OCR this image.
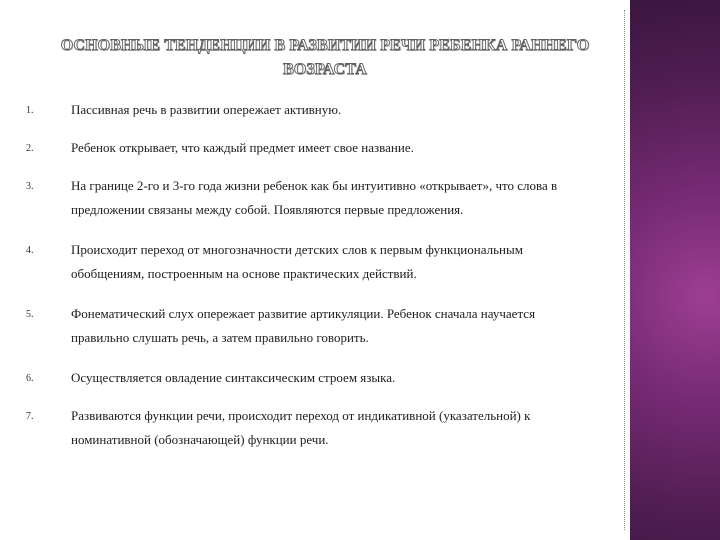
ОСНОВНЫЕ ТЕНДЕНЦИИ В РАЗВИТИИ РЕЧИ РЕБЕНКА РАННЕГО ВОЗРАСТА
1.	Пассивная речь в развитии опережает активную.
2.	Ребенок открывает, что каждый предмет имеет свое название.
3.	На границе 2-го и 3-го года жизни ребенок как бы интуитивно «открывает», что слова в предложении связаны между собой. Появляются первые предложения.
4.	Происходит переход от многозначности детских слов к первым функциональным обобщениям, построенным на основе практических действий.
5.	Фонематический слух опережает развитие артикуляции. Ребенок сначала научается правильно слушать речь, а затем правильно говорить.
6.	Осуществляется овладение синтаксическим строем языка.
7.	Развиваются функции речи, происходит переход от индикативной (указательной) к номинативной (обозначающей) функции речи.
